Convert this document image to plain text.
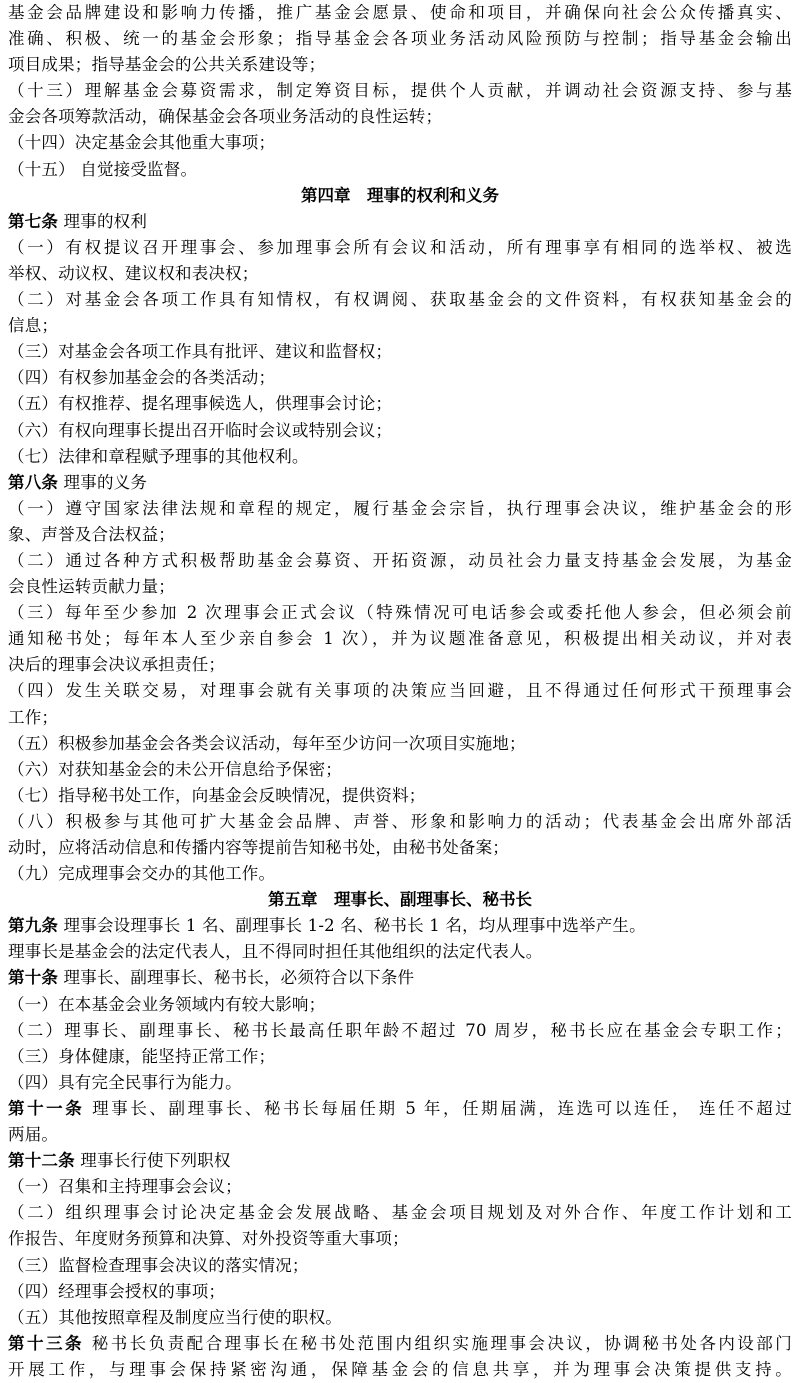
基金会品牌建设和影响力传播，推广基金会愿景、使命和项目，并确保向社会公众传播真实、
准确、积极、统一的基金会形象；指导基金会各项业务活动风险预防与控制；指导基金会输出
项目成果；指导基金会的公共关系建设等；
（十三）理解基金会募资需求，制定筹资目标，提供个人贡献，并调动社会资源支持、参与基
金会各项筹款活动，确保基金会各项业务活动的良性运转；
（十四）决定基金会其他重大事项；
（十五） 自觉接受监督。
第四章　理事的权利和义务
第七条 理事的权利
（一）有权提议召开理事会、参加理事会所有会议和活动，所有理事享有相同的选举权、被选
举权、动议权、建议权和表决权；
（二）对基金会各项工作具有知情权，有权调阅、获取基金会的文件资料，有权获知基金会的
信息；
（三）对基金会各项工作具有批评、建议和监督权；
（四）有权参加基金会的各类活动；
（五）有权推荐、提名理事候选人，供理事会讨论；
（六）有权向理事长提出召开临时会议或特别会议；
（七）法律和章程赋予理事的其他权利。
第八条 理事的义务
（一）遵守国家法律法规和章程的规定，履行基金会宗旨，执行理事会决议，维护基金会的形
象、声誉及合法权益；
（二）通过各种方式积极帮助基金会募资、开拓资源，动员社会力量支持基金会发展，为基金
会良性运转贡献力量；
（三）每年至少参加 2 次理事会正式会议（特殊情况可电话参会或委托他人参会，但必须会前
通知秘书处；每年本人至少亲自参会 1 次），并为议题准备意见，积极提出相关动议，并对表
决后的理事会决议承担责任；
（四）发生关联交易，对理事会就有关事项的决策应当回避，且不得通过任何形式干预理事会
工作；
（五）积极参加基金会各类会议活动，每年至少访问一次项目实施地；
（六）对获知基金会的未公开信息给予保密；
（七）指导秘书处工作，向基金会反映情况，提供资料；
（八）积极参与其他可扩大基金会品牌、声誉、形象和影响力的活动；代表基金会出席外部活
动时，应将活动信息和传播内容等提前告知秘书处，由秘书处备案；
（九）完成理事会交办的其他工作。
第五章　理事长、副理事长、秘书长
第九条 理事会设理事长 1 名、副理事长 1-2 名、秘书长 1 名，均从理事中选举产生。
理事长是基金会的法定代表人，且不得同时担任其他组织的法定代表人。
第十条 理事长、副理事长、秘书长，必须符合以下条件
（一）在本基金会业务领域内有较大影响；
（二）理事长、副理事长、秘书长最高任职年龄不超过 70 周岁，秘书长应在基金会专职工作；
（三）身体健康，能坚持正常工作；
（四）具有完全民事行为能力。
第十一条 理事长、副理事长、秘书长每届任期 5 年，任期届满，连选可以连任， 连任不超过
两届。
第十二条 理事长行使下列职权
（一）召集和主持理事会会议；
（二）组织理事会讨论决定基金会发展战略、基金会项目规划及对外合作、年度工作计划和工
作报告、年度财务预算和决算、对外投资等重大事项；
（三）监督检查理事会决议的落实情况；
（四）经理事会授权的事项；
（五）其他按照章程及制度应当行使的职权。
第十三条 秘书长负责配合理事长在秘书处范围内组织实施理事会决议，协调秘书处各内设部门
开展工作，与理事会保持紧密沟通，保障基金会的信息共享，并为理事会决策提供支持。
